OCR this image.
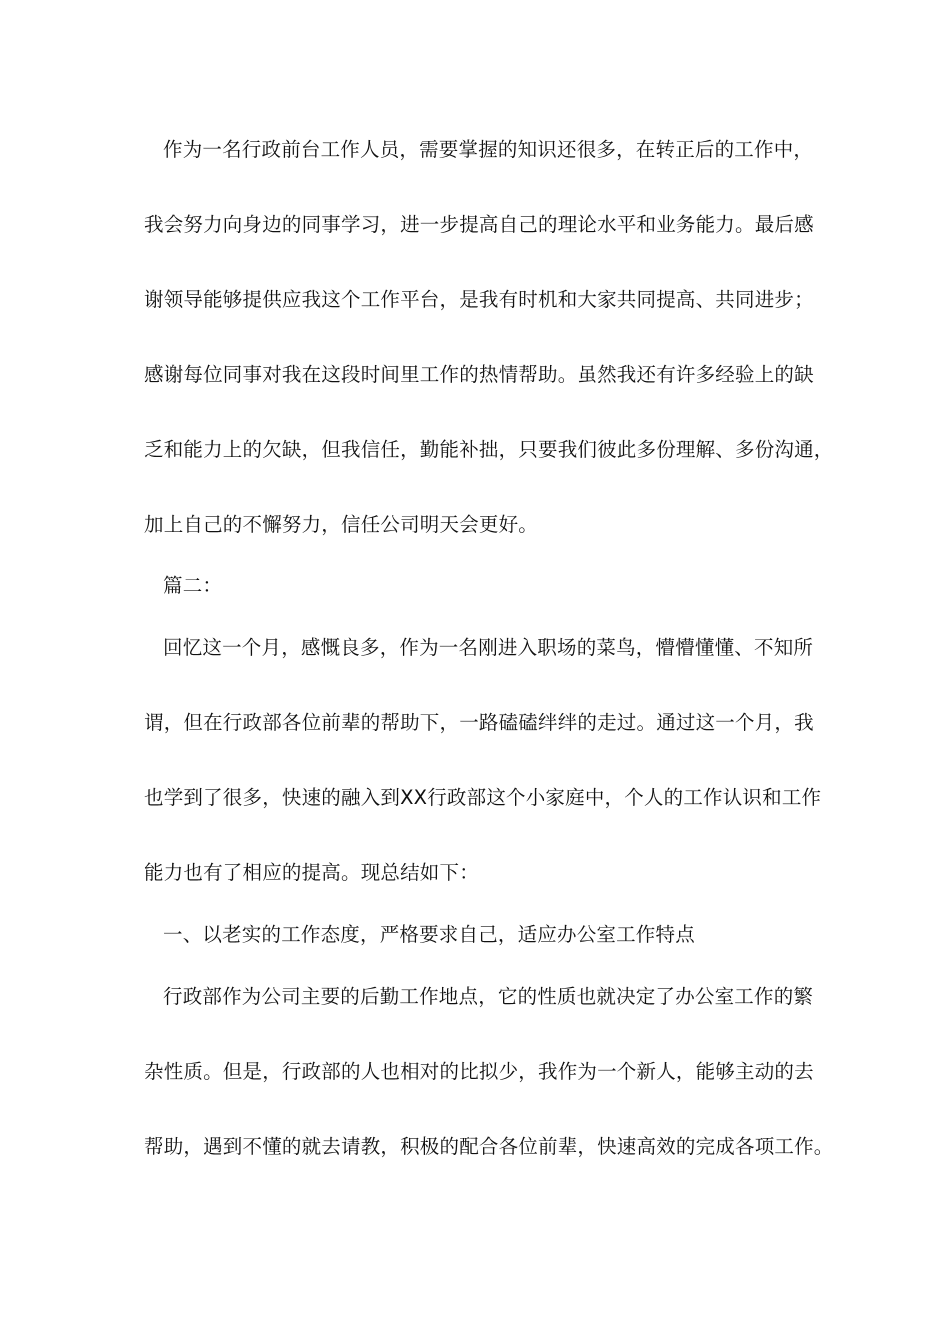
作为一名行政前台工作人员，需要掌握的知识还很多，在转正后的工作中，
我会努力向身边的同事学习，进一步提高自己的理论水平和业务能力。最后感
谢领导能够提供应我这个工作平台，是我有时机和大家共同提高、共同进步；
感谢每位同事对我在这段时间里工作的热情帮助。虽然我还有许多经验上的缺
乏和能力上的欠缺，但我信任，勤能补拙，只要我们彼此多份理解、多份沟通，
加上自己的不懈努力，信任公司明天会更好。
篇二：
回忆这一个月，感慨良多，作为一名刚进入职场的菜鸟，懵懵懂懂、不知所
谓，但在行政部各位前辈的帮助下，一路磕磕绊绊的走过。通过这一个月，我
也学到了很多，快速的融入到XX行政部这个小家庭中，个人的工作认识和工作
能力也有了相应的提高。现总结如下：
一、以老实的工作态度，严格要求自己，适应办公室工作特点
行政部作为公司主要的后勤工作地点，它的性质也就决定了办公室工作的繁
杂性质。但是，行政部的人也相对的比拟少，我作为一个新人，能够主动的去
帮助，遇到不懂的就去请教，积极的配合各位前辈，快速高效的完成各项工作。
